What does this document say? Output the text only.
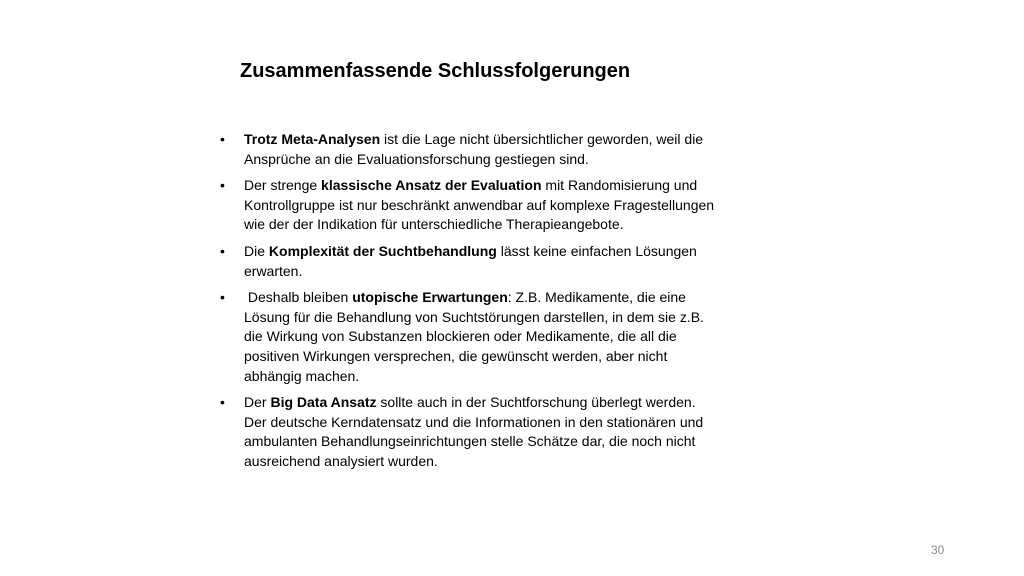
Zusammenfassende Schlussfolgerungen
•	Trotz Meta-Analysen ist die Lage nicht übersichtlicher geworden, weil die Ansprüche an die Evaluationsforschung gestiegen sind.
•	Der strenge klassische Ansatz der Evaluation mit Randomisierung und Kontrollgruppe ist nur beschränkt anwendbar auf komplexe Fragestellungen wie der der Indikation für unterschiedliche Therapieangebote.
•	Die Komplexität der Suchtbehandlung lässt keine einfachen Lösungen erwarten.
•	Deshalb bleiben utopische Erwartungen: Z.B. Medikamente, die eine Lösung für die Behandlung von Suchtstörungen darstellen, in dem sie z.B. die Wirkung von Substanzen blockieren oder Medikamente, die all die positiven Wirkungen versprechen, die gewünscht werden, aber nicht abhängig machen.
•	Der Big Data Ansatz sollte auch in der Suchtforschung überlegt werden. Der deutsche Kerndatensatz und die Informationen in den stationären und ambulanten Behandlungseinrichtungen stelle Schätze dar, die noch nicht ausreichend analysiert wurden.
30
